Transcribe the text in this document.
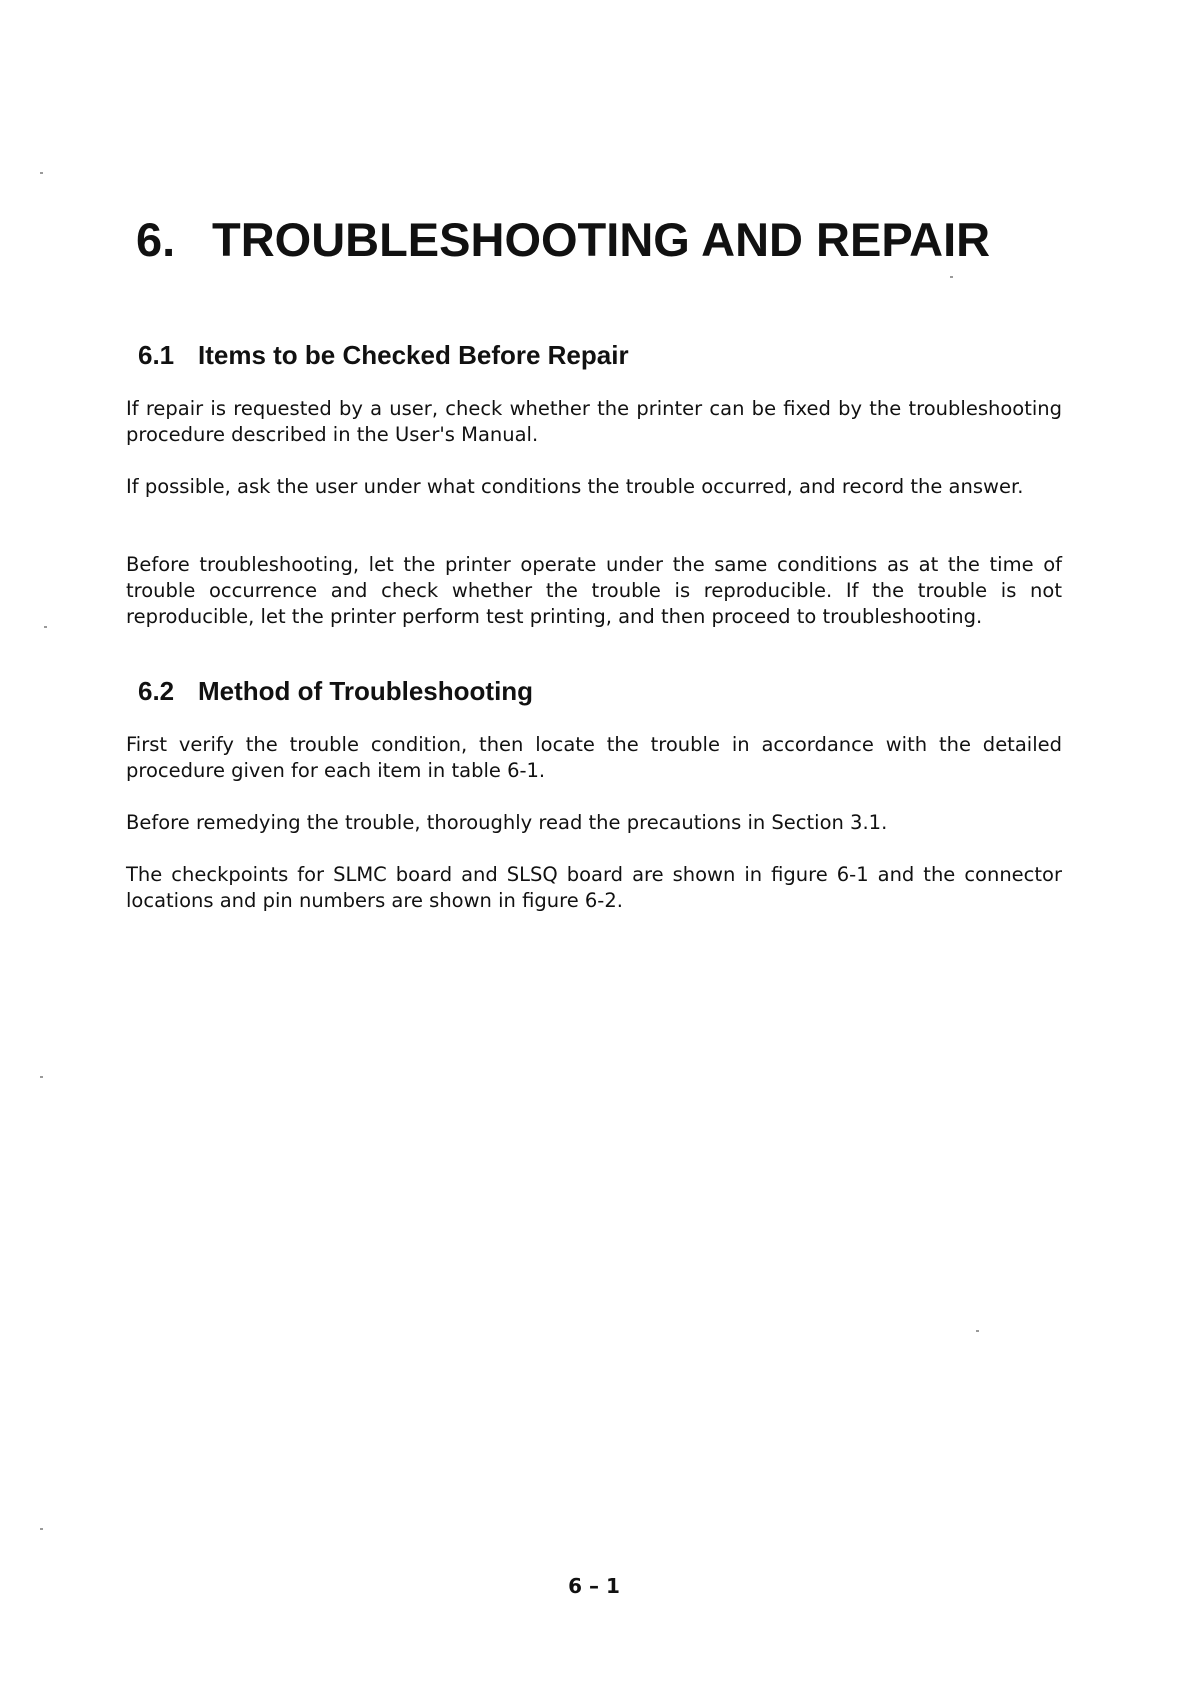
6. TROUBLESHOOTING AND REPAIR
6.1 Items to be Checked Before Repair

If repair is requested by a user, check whether the printer can be fixed by the troubleshooting procedure described in the User's Manual.

If possible, ask the user under what conditions the trouble occurred, and record the answer.

Before troubleshooting, let the printer operate under the same conditions as at the time of trouble occurrence and check whether the trouble is reproducible. If the trouble is not reproducible, let the printer perform test printing, and then proceed to troubleshooting.

6.2 Method of Troubleshooting

First verify the trouble condition, then locate the trouble in accordance with the detailed procedure given for each item in table 6-1.

Before remedying the trouble, thoroughly read the precautions in Section 3.1.

The checkpoints for SLMC board and SLSQ board are shown in figure 6-1 and the connector locations and pin numbers are shown in figure 6-2.

6 – 1
